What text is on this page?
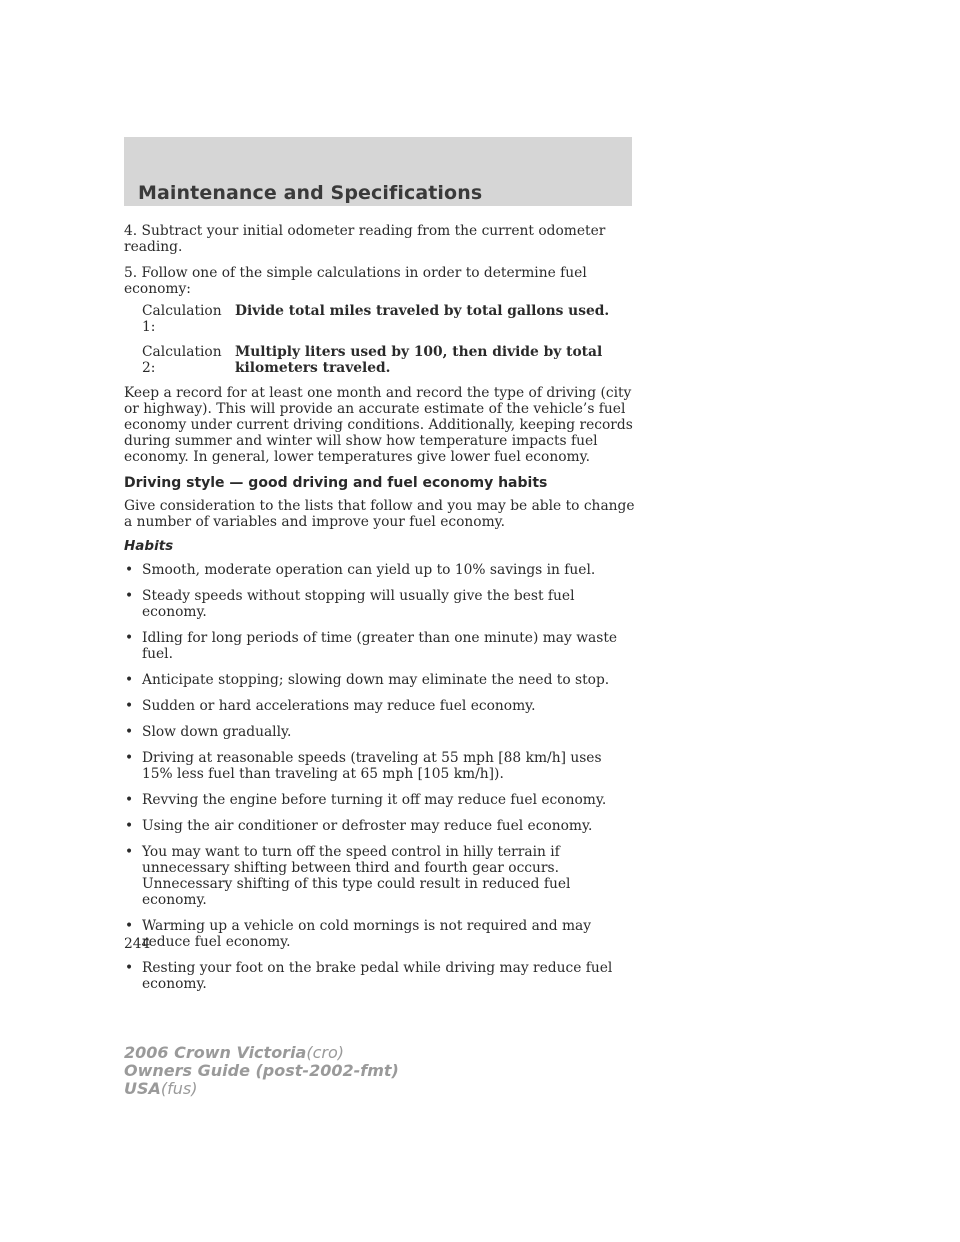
Maintenance and Specifications

4. Subtract your initial odometer reading from the current odometer reading.

5. Follow one of the simple calculations in order to determine fuel economy:

Calculation 1:
Divide total miles traveled by total gallons used.
Calculation 2:
Multiply liters used by 100, then divide by total kilometers traveled.

Keep a record for at least one month and record the type of driving (city or highway). This will provide an accurate estimate of the vehicle’s fuel economy under current driving conditions. Additionally, keeping records during summer and winter will show how temperature impacts fuel economy. In general, lower temperatures give lower fuel economy.

Driving style — good driving and fuel economy habits

Give consideration to the lists that follow and you may be able to change a number of variables and improve your fuel economy.

Habits
• Smooth, moderate operation can yield up to 10% savings in fuel.
• Steady speeds without stopping will usually give the best fuel economy.
• Idling for long periods of time (greater than one minute) may waste fuel.
• Anticipate stopping; slowing down may eliminate the need to stop.
• Sudden or hard accelerations may reduce fuel economy.
• Slow down gradually.
• Driving at reasonable speeds (traveling at 55 mph [88 km/h] uses 15% less fuel than traveling at 65 mph [105 km/h]).
• Revving the engine before turning it off may reduce fuel economy.
• Using the air conditioner or defroster may reduce fuel economy.
• You may want to turn off the speed control in hilly terrain if unnecessary shifting between third and fourth gear occurs. Unnecessary shifting of this type could result in reduced fuel economy.
• Warming up a vehicle on cold mornings is not required and may reduce fuel economy.
• Resting your foot on the brake pedal while driving may reduce fuel economy.
244
2006 Crown Victoria(cro)
Owners Guide (post-2002-fmt)
USA(fus)
